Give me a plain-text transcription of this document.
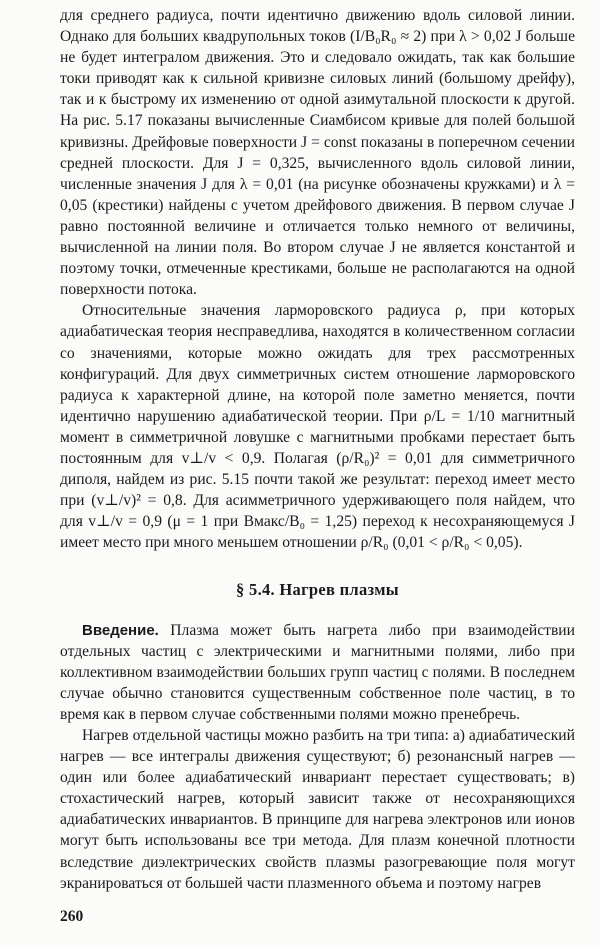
для среднего радиуса, почти идентично движению вдоль силовой линии. Однако для больших квадрупольных токов (I/B₀R₀ ≈ 2) при λ > 0,02 J больше не будет интегралом движения. Это и следовало ожидать, так как большие токи приводят как к сильной кривизне силовых линий (большому дрейфу), так и к быстрому их изменению от одной азимутальной плоскости к другой. На рис. 5.17 показаны вычисленные Сиамбисом кривые для полей большой кривизны. Дрейфовые поверхности J = const показаны в поперечном сечении средней плоскости. Для J = 0,325, вычисленного вдоль силовой линии, численные значения J для λ = 0,01 (на рисунке обозначены кружками) и λ = 0,05 (крестики) найдены с учетом дрейфового движения. В первом случае J равно постоянной величине и отличается только немного от величины, вычисленной на линии поля. Во втором случае J не является константой и поэтому точки, отмеченные крестиками, больше не располагаются на одной поверхности потока.

Относительные значения ларморовского радиуса ρ, при которых адиабатическая теория несправедлива, находятся в количественном согласии со значениями, которые можно ожидать для трех рассмотренных конфигураций. Для двух симметричных систем отношение ларморовского радиуса к характерной длине, на которой поле заметно меняется, почти идентично нарушению адиабатической теории. При ρ/L = 1/10 магнитный момент в симметричной ловушке с магнитными пробками перестает быть постоянным для v⊥/v < 0,9. Полагая (ρ/R₀)² = 0,01 для симметричного диполя, найдем из рис. 5.15 почти такой же результат: переход имеет место при (v⊥/v)² = 0,8. Для асимметричного удерживающего поля найдем, что для v⊥/v = 0,9 (μ = 1 при Bмакс/B₀ = 1,25) переход к несохраняющемуся J имеет место при много меньшем отношении ρ/R₀ (0,01 < ρ/R₀ < 0,05).

§ 5.4. Нагрев плазмы

Введение. Плазма может быть нагрета либо при взаимодействии отдельных частиц с электрическими и магнитными полями, либо при коллективном взаимодействии больших групп частиц с полями. В последнем случае обычно становится существенным собственное поле частиц, в то время как в первом случае собственными полями можно пренебречь.

Нагрев отдельной частицы можно разбить на три типа: а) адиабатический нагрев — все интегралы движения существуют; б) резонансный нагрев — один или более адиабатический инвариант перестает существовать; в) стохастический нагрев, который зависит также от несохраняющихся адиабатических инвариантов. В принципе для нагрева электронов или ионов могут быть использованы все три метода. Для плазм конечной плотности вследствие диэлектрических свойств плазмы разогревающие поля могут экранироваться от большей части плазменного объема и поэтому нагрев

260
